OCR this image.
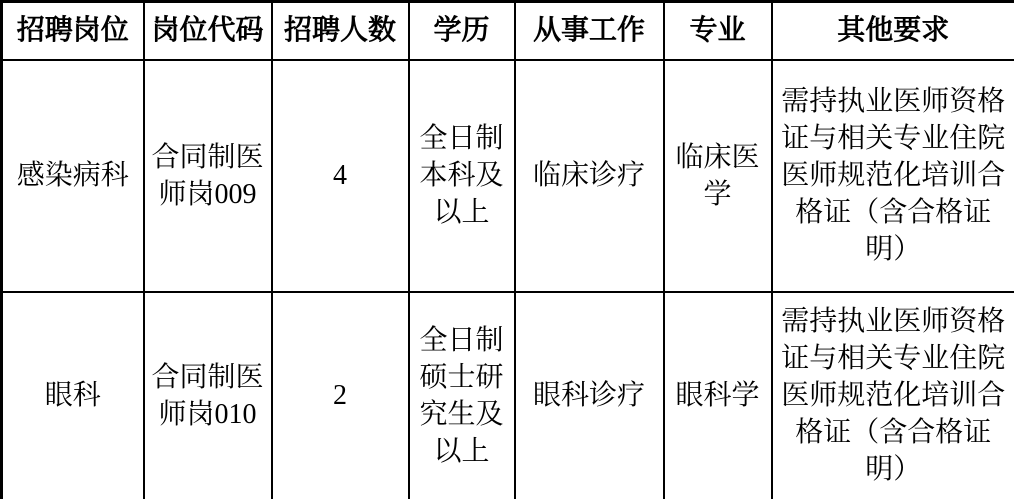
招聘岗位	岗位代码	招聘人数	学历	从事工作	专业	其他要求
感染病科	合同制医师岗009	4	全日制本科及以上	临床诊疗	临床医学	需持执业医师资格证与相关专业住院医师规范化培训合格证（含合格证明）
眼科	合同制医师岗010	2	全日制硕士研究生及以上	眼科诊疗	眼科学	需持执业医师资格证与相关专业住院医师规范化培训合格证（含合格证明）
